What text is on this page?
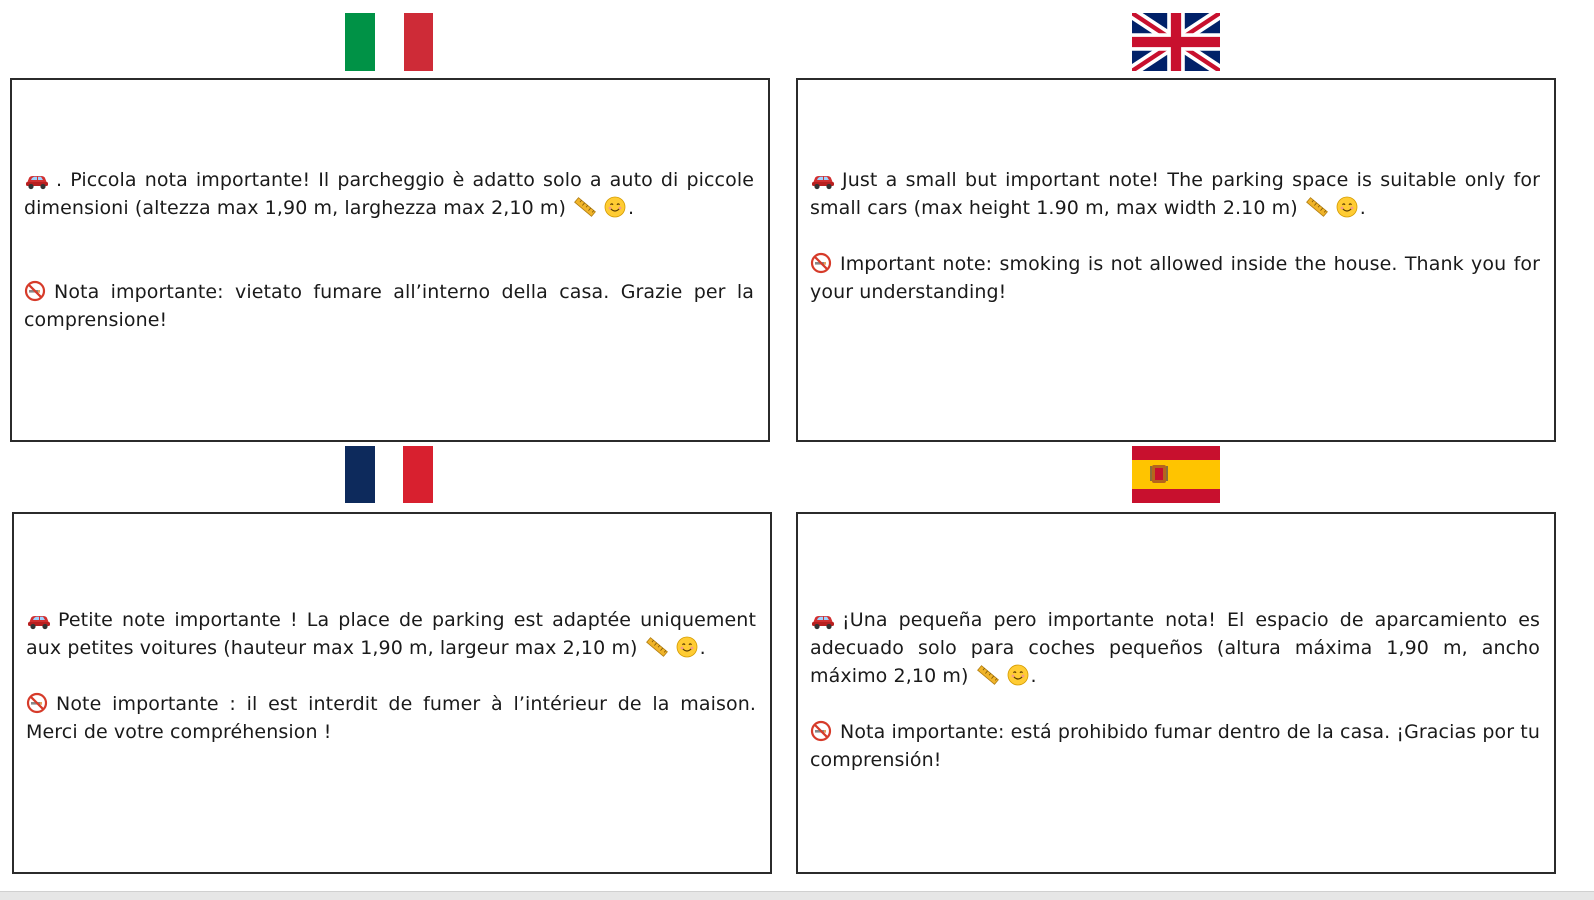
. Piccola nota importante! Il parcheggio è adatto solo a auto di piccole dimensioni (altezza max 1,90 m, larghezza max 2,10 m)	.

Nota importante: vietato fumare all’interno della casa. Grazie per la comprensione!

Just a small but important note! The parking space is suitable only for small cars (max height 1.90 m, max width 2.10 m)	.

Important note: smoking is not allowed inside the house. Thank you for your understanding!

Petite note importante ! La place de parking est adaptée uniquement aux petites voitures (hauteur max 1,90 m, largeur max 2,10 m)	.

Note importante : il est interdit de fumer à l’intérieur de la maison. Merci de votre compréhension !

¡Una pequeña pero importante nota! El espacio de aparcamiento es adecuado solo para coches pequeños (altura máxima 1,90 m, ancho máximo 2,10 m)	.

Nota importante: está prohibido fumar dentro de la casa. ¡Gracias por tu comprensión!
